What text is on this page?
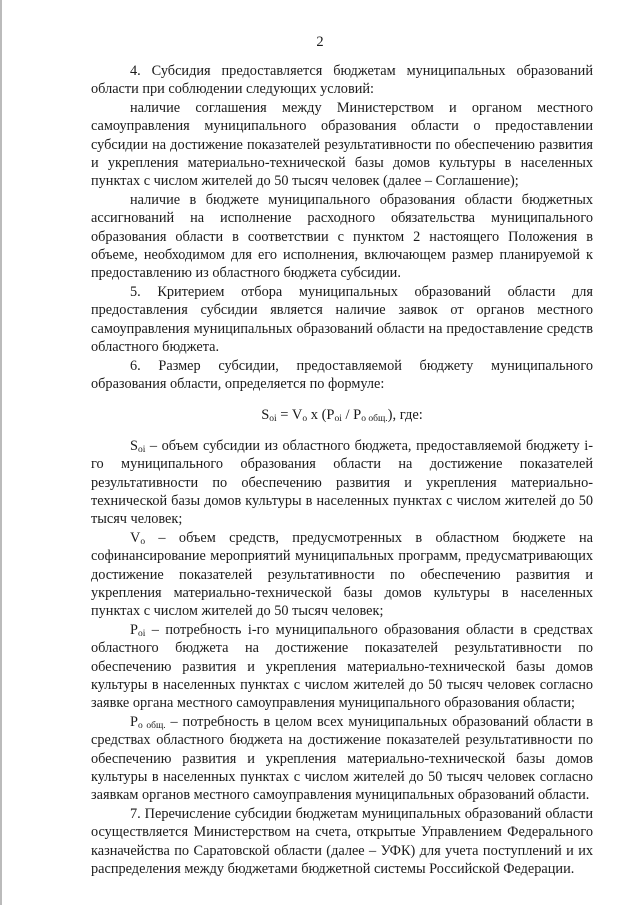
2

4. Субсидия предоставляется бюджетам муниципальных образований области при соблюдении следующих условий:

наличие соглашения между Министерством и органом местного самоуправления муниципального образования области о предоставлении субсидии на достижение показателей результативности по обеспечению развития и укрепления материально-технической базы домов культуры в населенных пунктах с числом жителей до 50 тысяч человек (далее – Соглашение);

наличие в бюджете муниципального образования области бюджетных ассигнований на исполнение расходного обязательства муниципального образования области в соответствии с пунктом 2 настоящего Положения в объеме, необходимом для его исполнения, включающем размер планируемой к предоставлению из областного бюджета субсидии.

5. Критерием отбора муниципальных образований области для предоставления субсидии является наличие заявок от органов местного самоуправления муниципальных образований области на предоставление средств областного бюджета.

6. Размер субсидии, предоставляемой бюджету муниципального образования области, определяется по формуле:

$S_{oi} = V_o$ x $(P_{oi} / P_{o общ.})$, где:

$S_{oi}$ – объем субсидии из областного бюджета, предоставляемой бюджету i-го муниципального образования области на достижение показателей результативности по обеспечению развития и укрепления материально-технической базы домов культуры в населенных пунктах с числом жителей до 50 тысяч человек;

$V_o$ – объем средств, предусмотренных в областном бюджете на софинансирование мероприятий муниципальных программ, предусматривающих достижение показателей результативности по обеспечению развития и укрепления материально-технической базы домов культуры в населенных пунктах с числом жителей до 50 тысяч человек;

$P_{oi}$ – потребность i-го муниципального образования области в средствах областного бюджета на достижение показателей результативности по обеспечению развития и укрепления материально-технической базы домов культуры в населенных пунктах с числом жителей до 50 тысяч человек согласно заявке органа местного самоуправления муниципального образования области;

$P_{o общ.}$ – потребность в целом всех муниципальных образований области в средствах областного бюджета на достижение показателей результативности по обеспечению развития и укрепления материально-технической базы домов культуры в населенных пунктах с числом жителей до 50 тысяч человек согласно заявкам органов местного самоуправления муниципальных образований области.

7. Перечисление субсидии бюджетам муниципальных образований области осуществляется Министерством на счета, открытые Управлением Федерального казначейства по Саратовской области (далее – УФК) для учета поступлений и их распределения между бюджетами бюджетной системы Российской Федерации.
